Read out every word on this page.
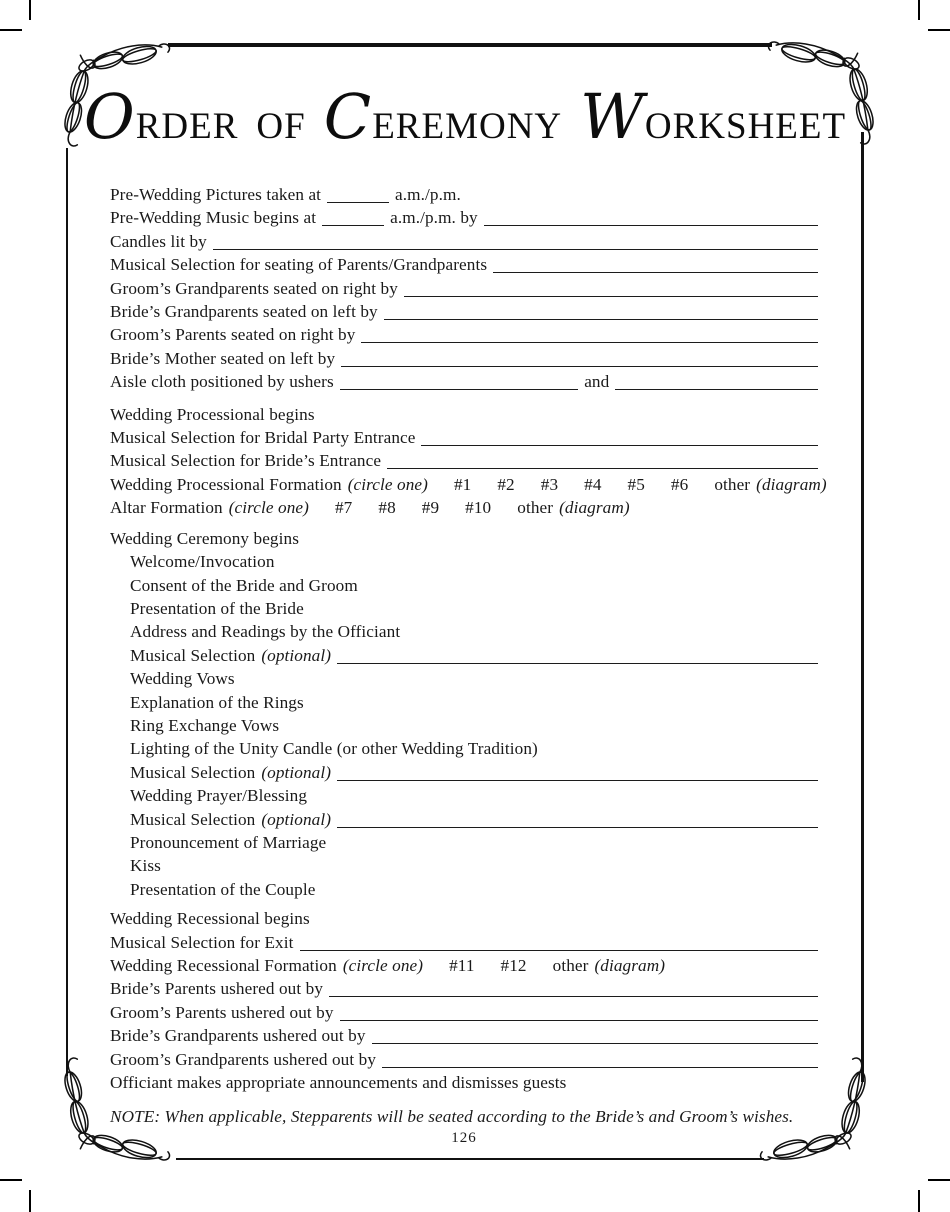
O RDER OF C EREMONY W ORKSHEET
Pre-Wedding Pictures taken at	a.m./p.m.
Pre-Wedding Music begins at	a.m./p.m. by
Candles lit by
Musical Selection for seating of Parents/Grandparents
Groom’s Grandparents seated on right by
Bride’s Grandparents seated on left by
Groom’s Parents seated on right by
Bride’s Mother seated on left by
Aisle cloth positioned by ushers	and
Wedding Processional begins
Musical Selection for Bridal Party Entrance
Musical Selection for Bride’s Entrance
Wedding Processional Formation (circle one) #1 #2 #3 #4 #5 #6 other (diagram)
Altar Formation (circle one) #7 #8 #9 #10 other (diagram)
Wedding Ceremony begins
Welcome/Invocation
Consent of the Bride and Groom
Presentation of the Bride
Address and Readings by the Officiant
Musical Selection (optional)
Wedding Vows
Explanation of the Rings
Ring Exchange Vows
Lighting of the Unity Candle (or other Wedding Tradition)
Musical Selection (optional)
Wedding Prayer/Blessing
Musical Selection (optional)
Pronouncement of Marriage
Kiss
Presentation of the Couple
Wedding Recessional begins
Musical Selection for Exit
Wedding Recessional Formation (circle one) #11 #12 other (diagram)
Bride’s Parents ushered out by
Groom’s Parents ushered out by
Bride’s Grandparents ushered out by
Groom’s Grandparents ushered out by
Officiant makes appropriate announcements and dismisses guests
NOTE: When applicable, Stepparents will be seated according to the Bride’s and Groom’s wishes.
126
